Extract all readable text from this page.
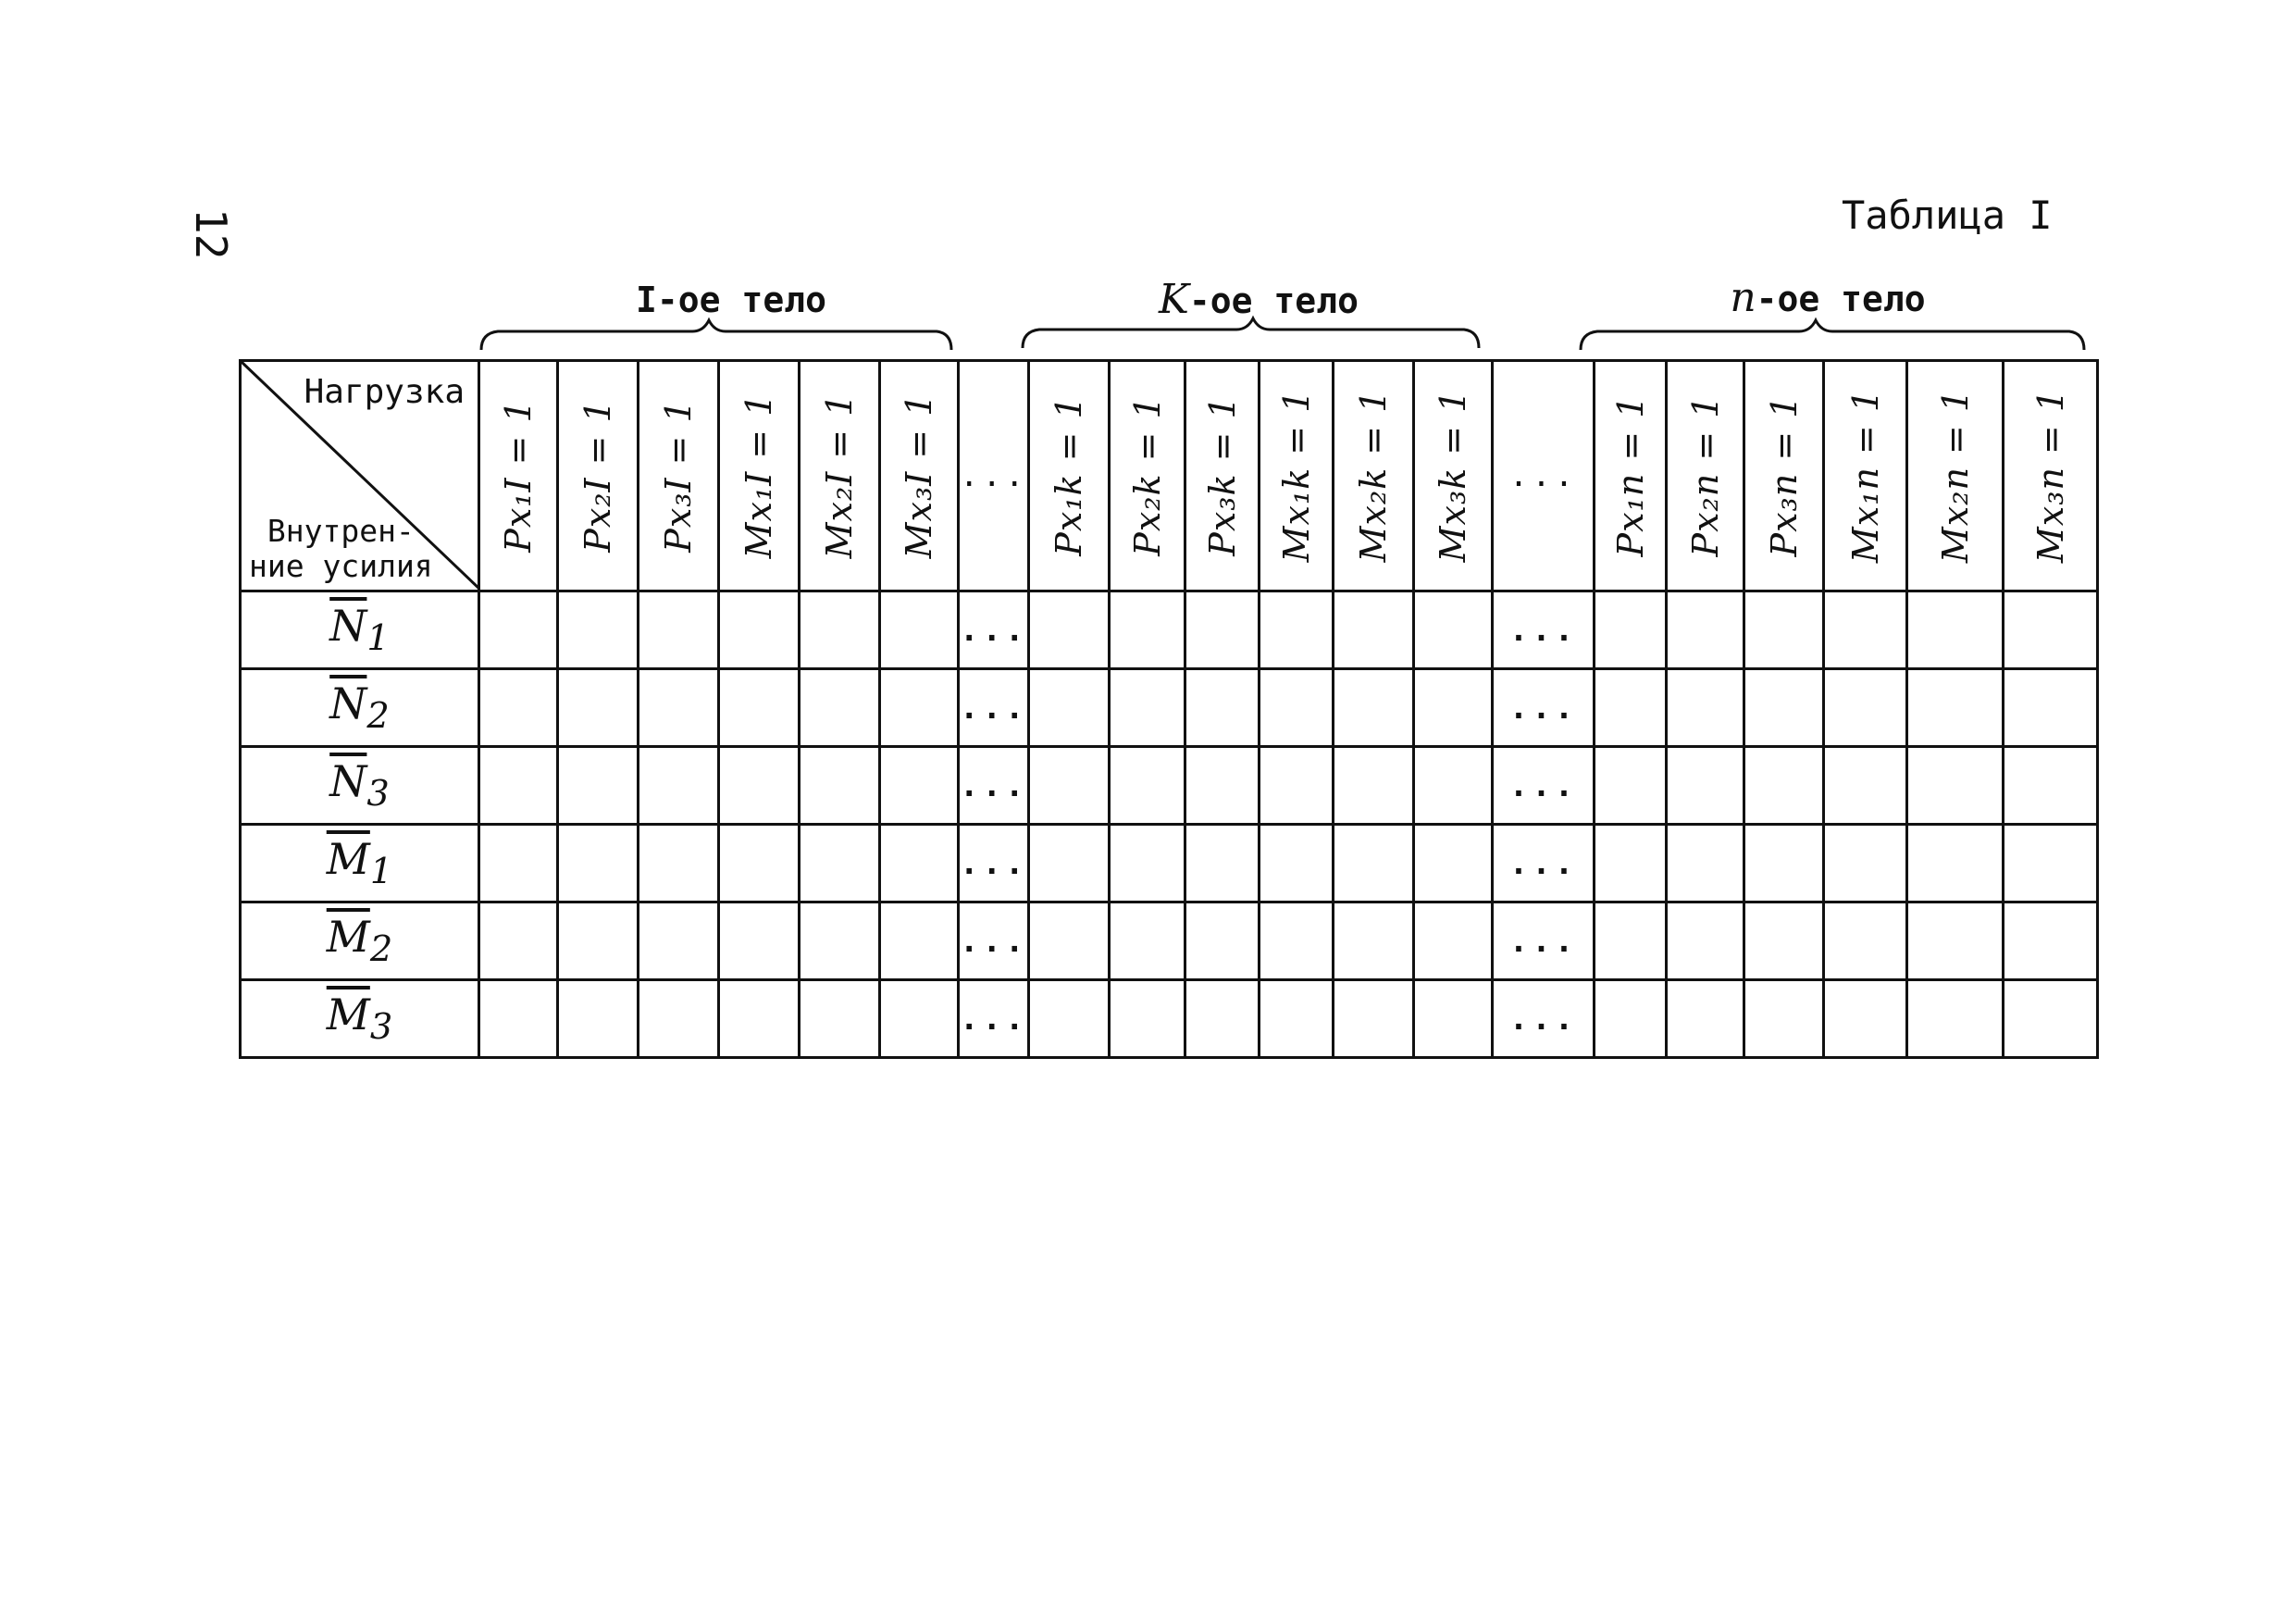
12	Таблица I
I-ое тело	K-ое тело	n-ое тело
Нагрузка
Внутрен-
ние усилия	Px₁I = 1	Px₂I = 1	Px₃I = 1	Mx₁I = 1	Mx₂I = 1	Mx₃I = 1	...	Px₁k = 1	Px₂k = 1	Px₃k = 1	Mx₁k = 1	Mx₂k = 1	Mx₃k = 1	...	Px₁n = 1	Px₂n = 1	Px₃n = 1	Mx₁n = 1	Mx₂n = 1	Mx₃n = 1

$\overline{N}_1$							...							...						
$\overline{N}_2$							...							...						
$\overline{N}_3$							...							...						
$\overline{M}_1$							...							...						
$\overline{M}_2$							...							...						
$\overline{M}_3$							...							...						
